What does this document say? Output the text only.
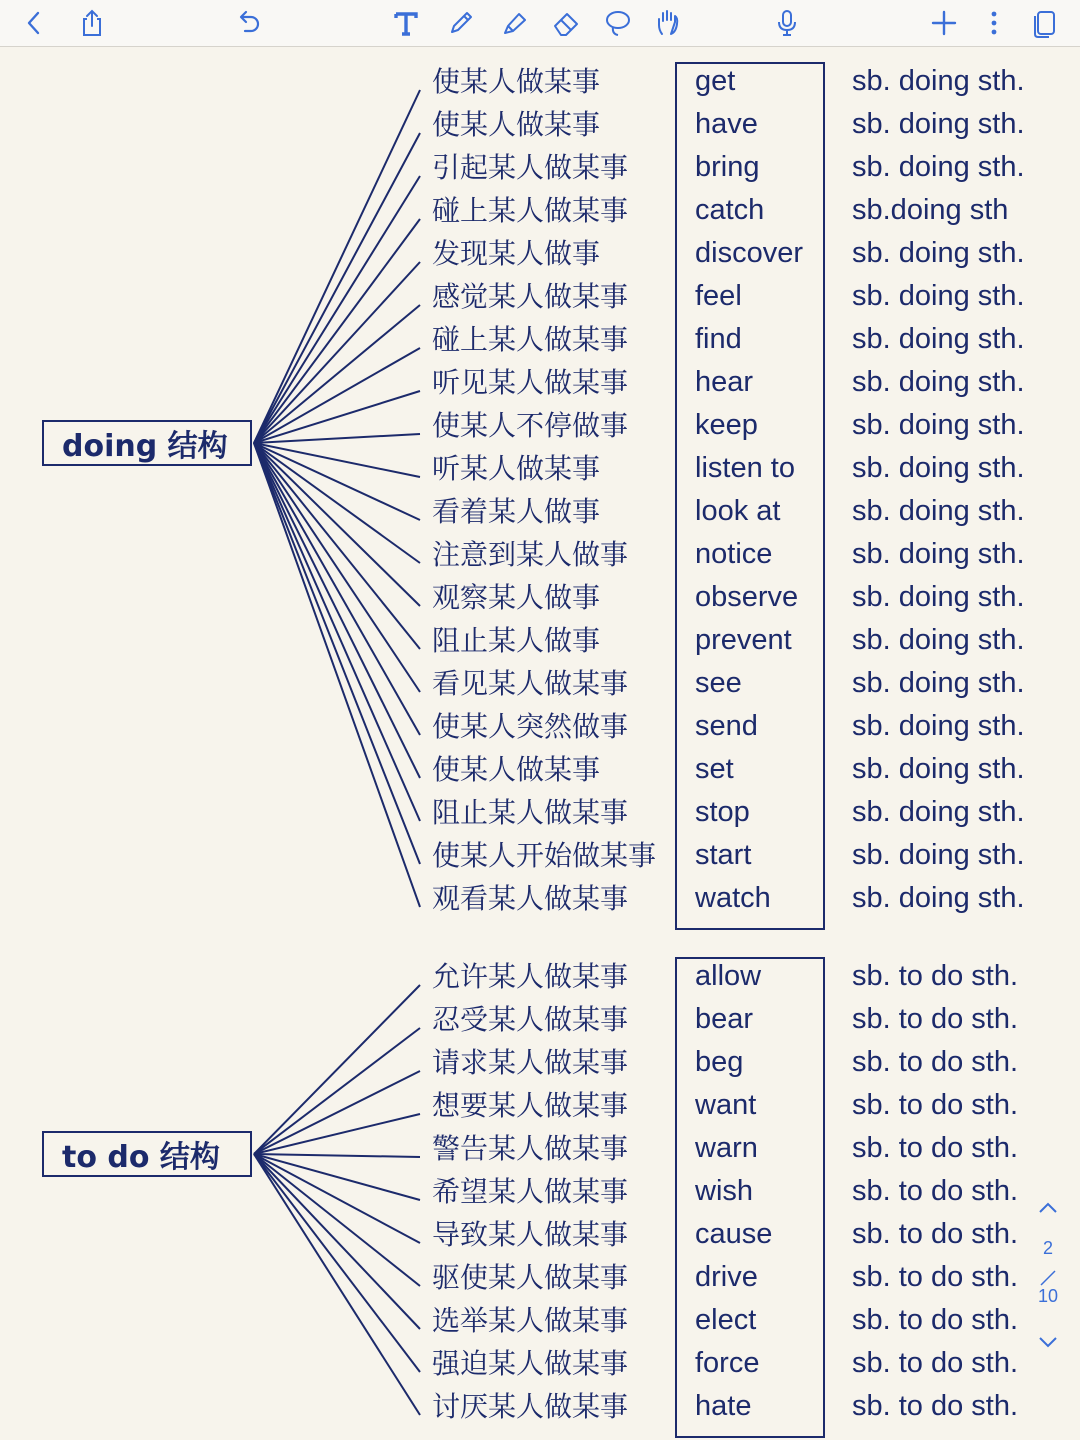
doing 结构
使某人做某事	get	sb. doing sth.
使某人做某事	have	sb. doing sth.
引起某人做某事 bring	sb. doing sth.
碰上某人做某事 catch	sb.doing sth
发现某人做事	discover sb. doing sth.
感觉某人做某事 feel	sb. doing sth.
碰上某人做某事 find	sb. doing sth.
听见某人做某事 hear	sb. doing sth.
使某人不停做事 keep	sb. doing sth.
听某人做某事	listen to sb. doing sth.
看着某人做事	look at sb. doing sth.
注意到某人做事 notice	sb. doing sth.
观察某人做事	observe sb. doing sth.
阻止某人做事	prevent sb. doing sth.
看见某人做某事 see	sb. doing sth.
使某人突然做事 send	sb. doing sth.
使某人做某事	set	sb. doing sth.
阻止某人做某事 stop	sb. doing sth.
使某人开始做某事 start	sb. doing sth.
观看某人做某事 watch	sb. doing sth.
to do 结构
允许某人做某事 allow	sb. to do sth.
忍受某人做某事 bear	sb. to do sth.
请求某人做某事 beg	sb. to do sth.
想要某人做某事 want	sb. to do sth.
警告某人做某事 warn	sb. to do sth.
希望某人做某事 wish	sb. to do sth.
导致某人做某事 cause	sb. to do sth.
驱使某人做某事 drive	sb. to do sth.
选举某人做某事 elect	sb. to do sth.
强迫某人做某事 force	sb. to do sth.
讨厌某人做某事 hate	sb. to do sth.
2
10
